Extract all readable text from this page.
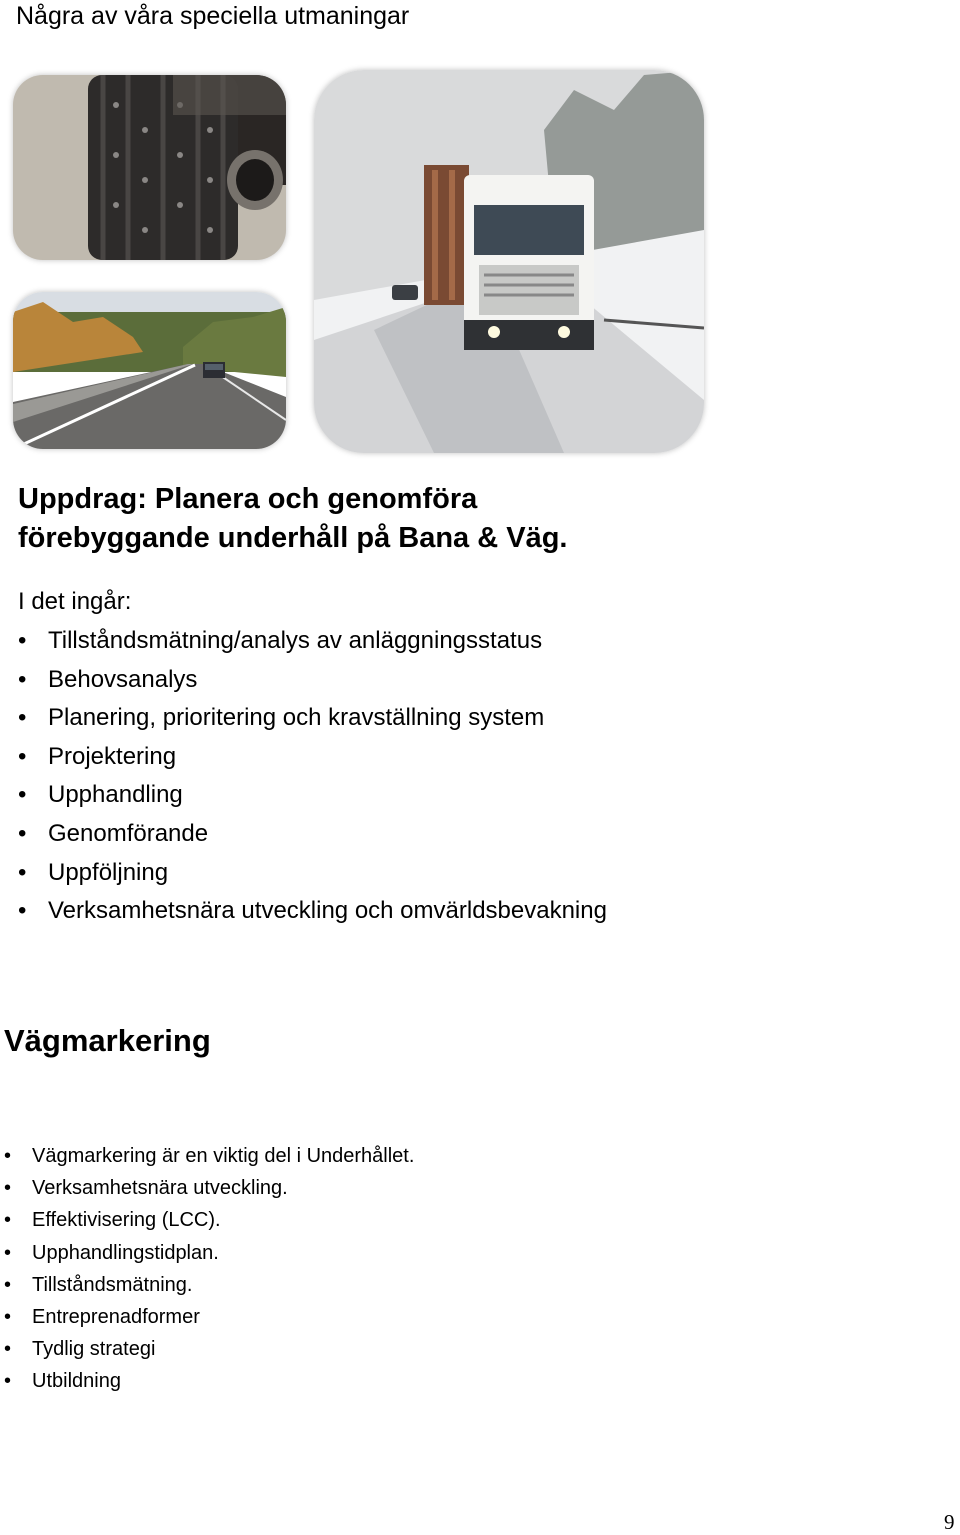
Några av våra speciella utmaningar
Uppdrag: Planera och genomföra
förebyggande underhåll på Bana & Väg.
I det ingår:
• Tillståndsmätning/analys av anläggningsstatus
• Behovsanalys
• Planering, prioritering och kravställning system
• Projektering
• Upphandling
• Genomförande
• Uppföljning
• Verksamhetsnära utveckling och omvärldsbevakning
Vägmarkering
• Vägmarkering är en viktig del i Underhållet.
• Verksamhetsnära utveckling.
• Effektivisering (LCC).
• Upphandlingstidplan.
• Tillståndsmätning.
• Entreprenadformer
• Tydlig strategi
• Utbildning
9
